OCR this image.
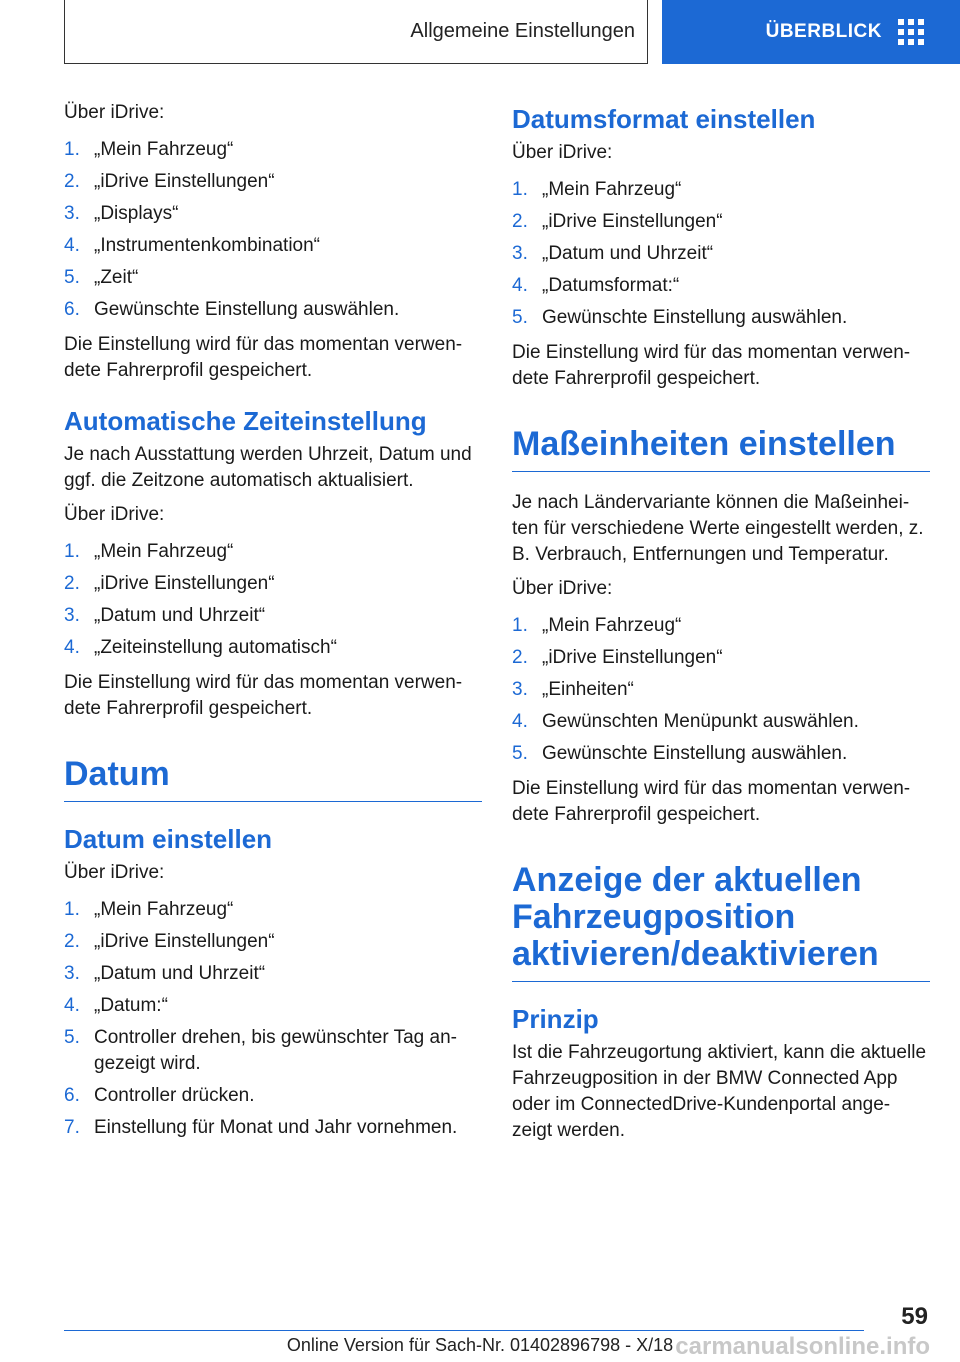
Allgemeine Einstellungen	ÜBERBLICK

Über iDrive:

1. „Mein Fahrzeug“
2. „iDrive Einstellungen“
3. „Displays“
4. „Instrumentenkombination“
5. „Zeit“
6. Gewünschte Einstellung auswählen.

Die Einstellung wird für das momentan verwen‐dete Fahrerprofil gespeichert.

Automatische Zeiteinstellung

Je nach Ausstattung werden Uhrzeit, Datum und ggf. die Zeitzone automatisch aktualisiert.

Über iDrive:

1. „Mein Fahrzeug“
2. „iDrive Einstellungen“
3. „Datum und Uhrzeit“
4. „Zeiteinstellung automatisch“

Die Einstellung wird für das momentan verwen‐dete Fahrerprofil gespeichert.

Datum
Datum einstellen

Über iDrive:

1. „Mein Fahrzeug“
2. „iDrive Einstellungen“
3. „Datum und Uhrzeit“
4. „Datum:“
5. Controller drehen, bis gewünschter Tag an‐gezeigt wird.
6. Controller drücken.
7. Einstellung für Monat und Jahr vornehmen.
Datumsformat einstellen

Über iDrive:

1. „Mein Fahrzeug“
2. „iDrive Einstellungen“
3. „Datum und Uhrzeit“
4. „Datumsformat:“
5. Gewünschte Einstellung auswählen.

Die Einstellung wird für das momentan verwen‐dete Fahrerprofil gespeichert.

Maßeinheiten einstellen

Je nach Ländervariante können die Maßeinhei‐ten für verschiedene Werte eingestellt werden, z. B. Verbrauch, Entfernungen und Temperatur.

Über iDrive:

1. „Mein Fahrzeug“
2. „iDrive Einstellungen“
3. „Einheiten“
4. Gewünschten Menüpunkt auswählen.
5. Gewünschte Einstellung auswählen.

Die Einstellung wird für das momentan verwen‐dete Fahrerprofil gespeichert.

Anzeige der aktuellen Fahrzeugposition aktivieren/deaktivieren
Prinzip

Ist die Fahrzeugortung aktiviert, kann die aktuelle Fahrzeugposition in der BMW Connected App oder im ConnectedDrive-Kundenportal ange‐zeigt werden.

59
Online Version für Sach-Nr. 01402896798 - X/18 carmanualsonline.info
